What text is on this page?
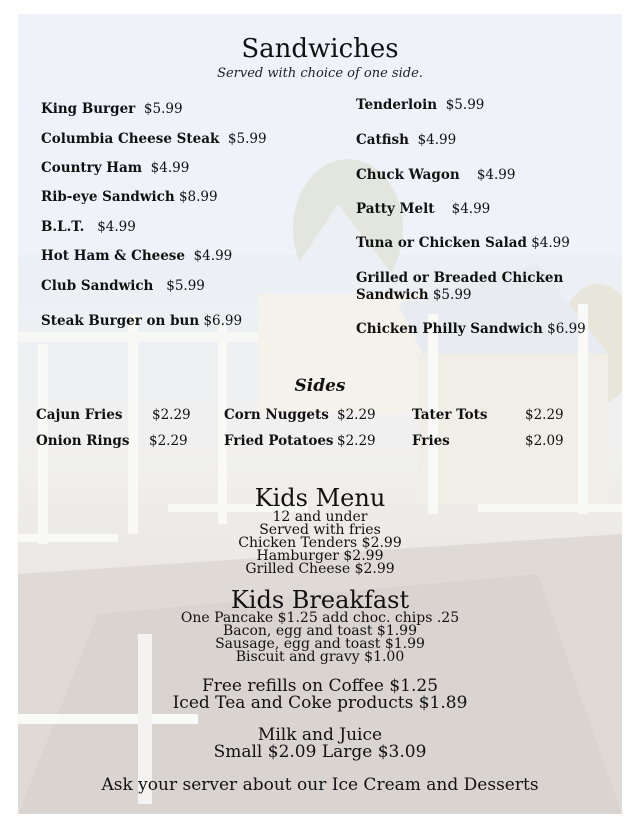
Sandwiches
Served with choice of one side.
King Burger $5.99
Columbia Cheese Steak $5.99
Country Ham $4.99
Rib-eye Sandwich $8.99
B.L.T. $4.99
Hot Ham & Cheese $4.99
Club Sandwich $5.99
Steak Burger on bun $6.99
Tenderloin $5.99
Catfish $4.99
Chuck Wagon $4.99
Patty Melt $4.99
Tuna or Chicken Salad $4.99
Grilled or Breaded Chicken
Sandwich $5.99
Chicken Philly Sandwich $6.99
Sides
Cajun Fries $2.29
Onion Rings $2.29
Corn Nuggets $2.29
Fried Potatoes $2.29
Tater Tots	$2.29
Fries	$2.09
Kids Menu
12 and under
Served with fries
Chicken Tenders $2.99
Hamburger $2.99
Grilled Cheese $2.99
Kids Breakfast
One Pancake $1.25 add choc. chips .25
Bacon, egg and toast $1.99
Sausage, egg and toast $1.99
Biscuit and gravy $1.00
Free refills on Coffee $1.25
Iced Tea and Coke products $1.89
Milk and Juice
Small $2.09 Large $3.09
Ask your server about our Ice Cream and Desserts
